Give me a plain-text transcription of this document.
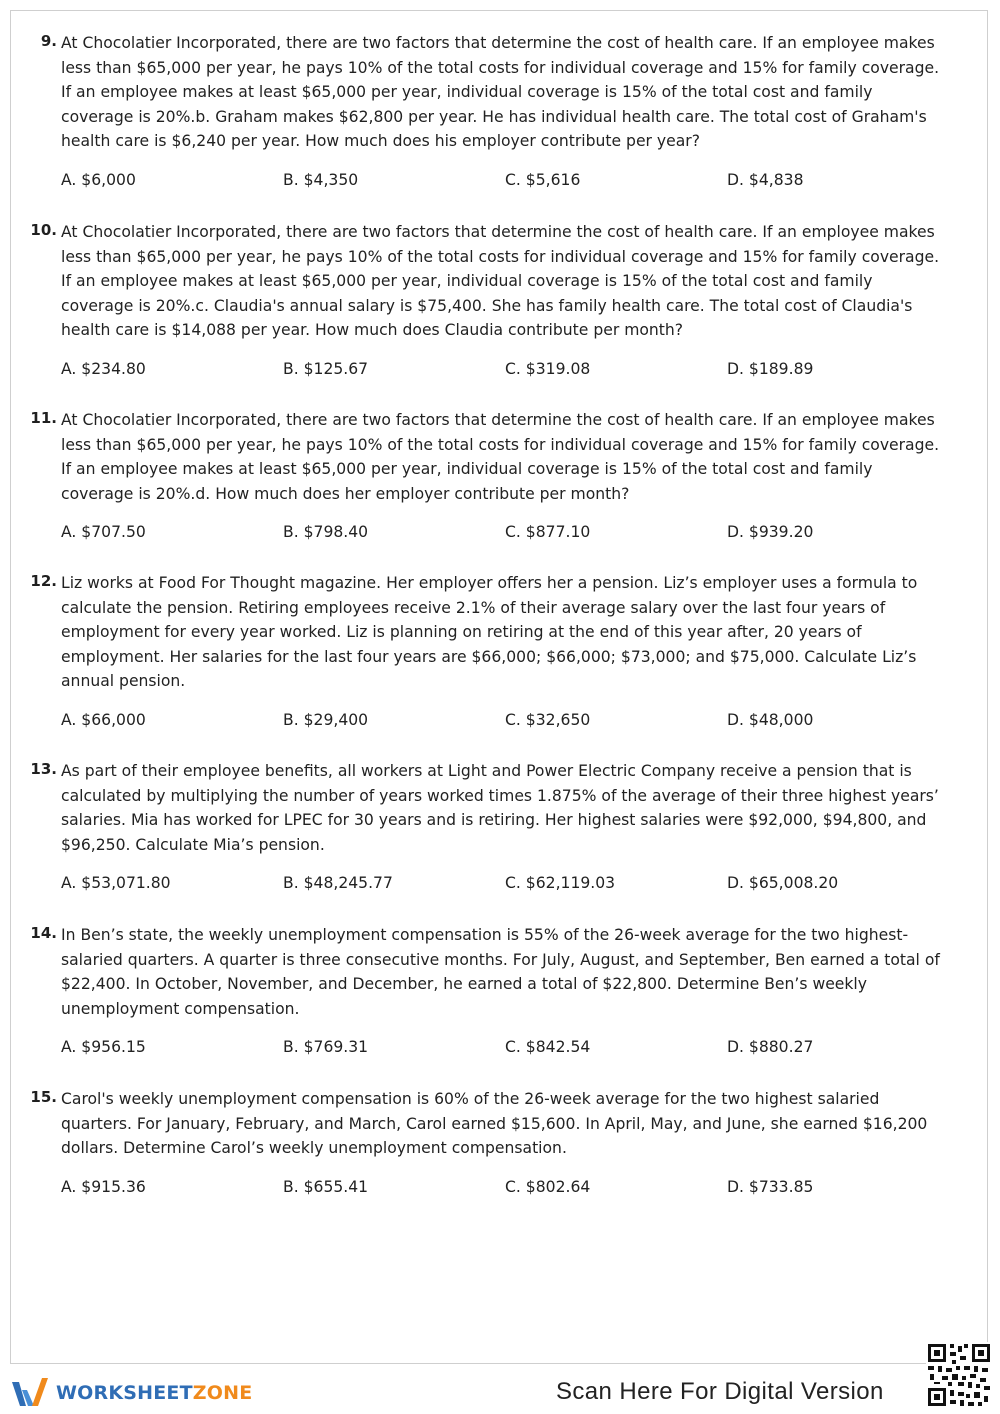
9. At Chocolatier Incorporated, there are two factors that determine the cost of health care. If an employee makes less than $65,000 per year, he pays 10% of the total costs for individual coverage and 15% for family coverage. If an employee makes at least $65,000 per year, individual coverage is 15% of the total cost and family coverage is 20%.b. Graham makes $62,800 per year. He has individual health care. The total cost of Graham's health care is $6,240 per year. How much does his employer contribute per year?
A. $6,000	B. $4,350	C. $5,616	D. $4,838
10. At Chocolatier Incorporated, there are two factors that determine the cost of health care. If an employee makes less than $65,000 per year, he pays 10% of the total costs for individual coverage and 15% for family coverage. If an employee makes at least $65,000 per year, individual coverage is 15% of the total cost and family coverage is 20%.c. Claudia's annual salary is $75,400. She has family health care. The total cost of Claudia's health care is $14,088 per year. How much does Claudia contribute per month?
A. $234.80	B. $125.67	C. $319.08	D. $189.89
11. At Chocolatier Incorporated, there are two factors that determine the cost of health care. If an employee makes less than $65,000 per year, he pays 10% of the total costs for individual coverage and 15% for family coverage. If an employee makes at least $65,000 per year, individual coverage is 15% of the total cost and family coverage is 20%.d. How much does her employer contribute per month?
A. $707.50	B. $798.40	C. $877.10	D. $939.20
12. Liz works at Food For Thought magazine. Her employer offers her a pension. Liz’s employer uses a formula to calculate the pension. Retiring employees receive 2.1% of their average salary over the last four years of employment for every year worked. Liz is planning on retiring at the end of this year after, 20 years of employment. Her salaries for the last four years are $66,000; $66,000; $73,000; and $75,000. Calculate Liz’s annual pension.
A. $66,000	B. $29,400	C. $32,650	D. $48,000
13. As part of their employee benefits, all workers at Light and Power Electric Company receive a pension that is calculated by multiplying the number of years worked times 1.875% of the average of their three highest years’ salaries. Mia has worked for LPEC for 30 years and is retiring. Her highest salaries were $92,000, $94,800, and $96,250. Calculate Mia’s pension.
A. $53,071.80	B. $48,245.77	C. $62,119.03	D. $65,008.20
14. In Ben’s state, the weekly unemployment compensation is 55% of the 26-week average for the two highest-salaried quarters. A quarter is three consecutive months. For July, August, and September, Ben earned a total of $22,400. In October, November, and December, he earned a total of $22,800. Determine Ben’s weekly unemployment compensation.
A. $956.15	B. $769.31	C. $842.54	D. $880.27
15. Carol's weekly unemployment compensation is 60% of the 26-week average for the two highest salaried quarters. For January, February, and March, Carol earned $15,600. In April, May, and June, she earned $16,200 dollars. Determine Carol’s weekly unemployment compensation.
A. $915.36	B. $655.41	C. $802.64	D. $733.85
WORKSHEETZONE	Scan Here For Digital Version
